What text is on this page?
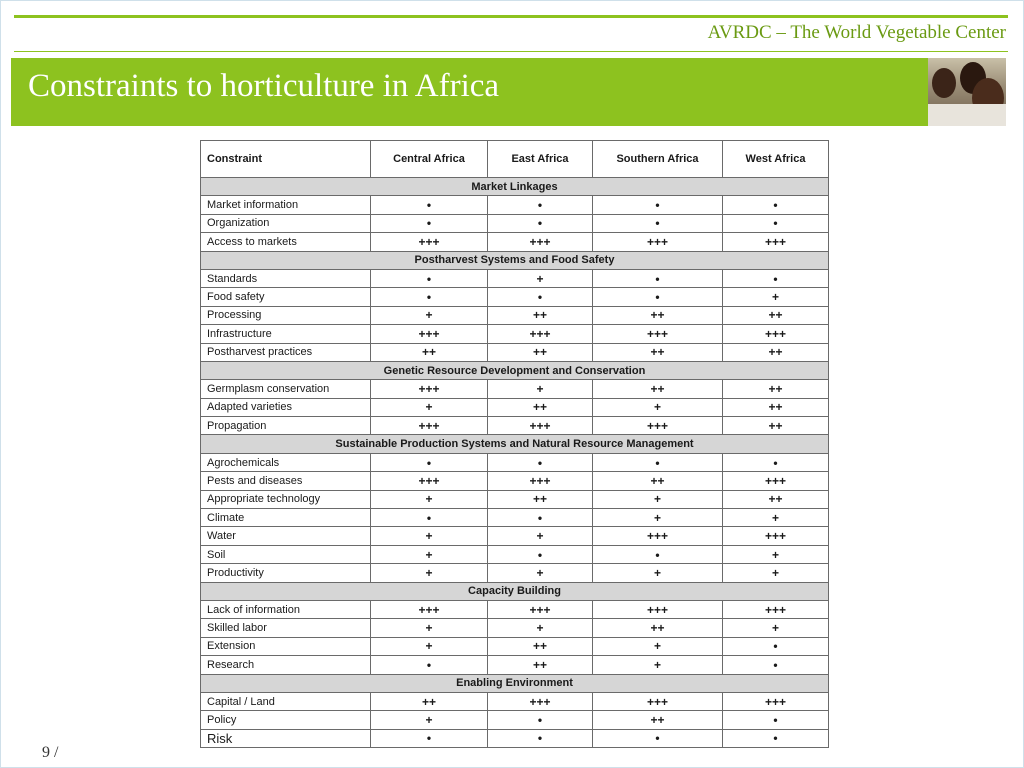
AVRDC – The World Vegetable Center
Constraints to horticulture in Africa
Constraint	Central Africa	East Africa	Southern Africa	West Africa
Market Linkages				
Market information	•	•	•	•
Organization	•	•	•	•
Access to markets	+++	+++	+++	+++
Postharvest Systems and Food Safety				
Standards	•	+	•	•
Food safety	•	•	•	+
Processing	+	++	++	++
Infrastructure	+++	+++	+++	+++
Postharvest practices	++	++	++	++
Genetic Resource Development and Conservation				
Germplasm conservation	+++	+	++	++
Adapted varieties	+	++	+	++
Propagation	+++	+++	+++	++
Sustainable Production Systems and Natural Resource Management				
Agrochemicals	•	•	•	•
Pests and diseases	+++	+++	++	+++
Appropriate technology	+	++	+	++
Climate	•	•	+	+
Water	+	+	+++	+++
Soil	+	•	•	+
Productivity	+	+	+	+
Capacity Building				
Lack of information	+++	+++	+++	+++
Skilled labor	+	+	++	+
Extension	+	++	+	•
Research	•	++	+	•
Enabling Environment				
Capital / Land	++	+++	+++	+++
Policy	+	•	++	•
Risk	•	•	•	•
9 /
